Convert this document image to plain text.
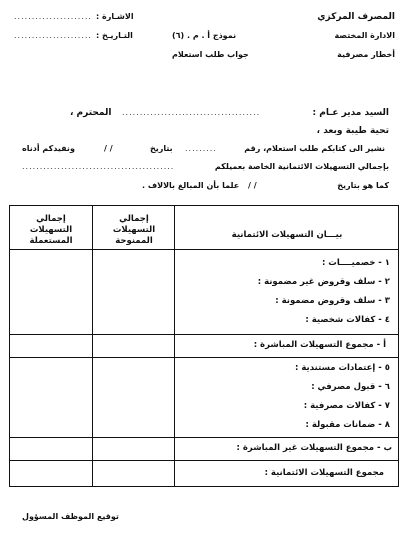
المصرف المركزي
الادارة المختصة
أخطار مصرفية
نموذج أ . م . (٦)
جواب طلب استعلام
الاشـارة :
......................
التـاريـخ :
......................
السيد مدير عـام :
.......................................
المحترم ،
تحية طيبة وبعد ،
نشير الى كتابكم طلب استعلام، رقم
.........
بتاريخ
/ /
ونفيدكم أدناه
بإجمالي التسهيلات الائتمانية الخاصة بعميلكم
...........................................
كما هو بتاريخ
/ /
علما بأن المبالغ بالالاف .
بيـــان التسهيلات الائتمانية
إجمالي
التسهيلات الممنوحة
إجمالي
التسهيلات المستعملة
١ - خصميــــات :
٢ - سلف وقروض غير مضمونة :
٣ - سلف وقروض مضمونة :
٤ - كفالات شخصية :
أ - مجموع التسهيلات المباشرة :
٥ - إعتمادات مستندية :
٦ - قبول مصرفي :
٧ - كفالات مصرفية :
٨ - ضمانات مقبولة :
ب - مجموع التسهيلات غير المباشرة :
مجموع التسهيلات الائتمانية :
توقيع الموظف المسؤول
